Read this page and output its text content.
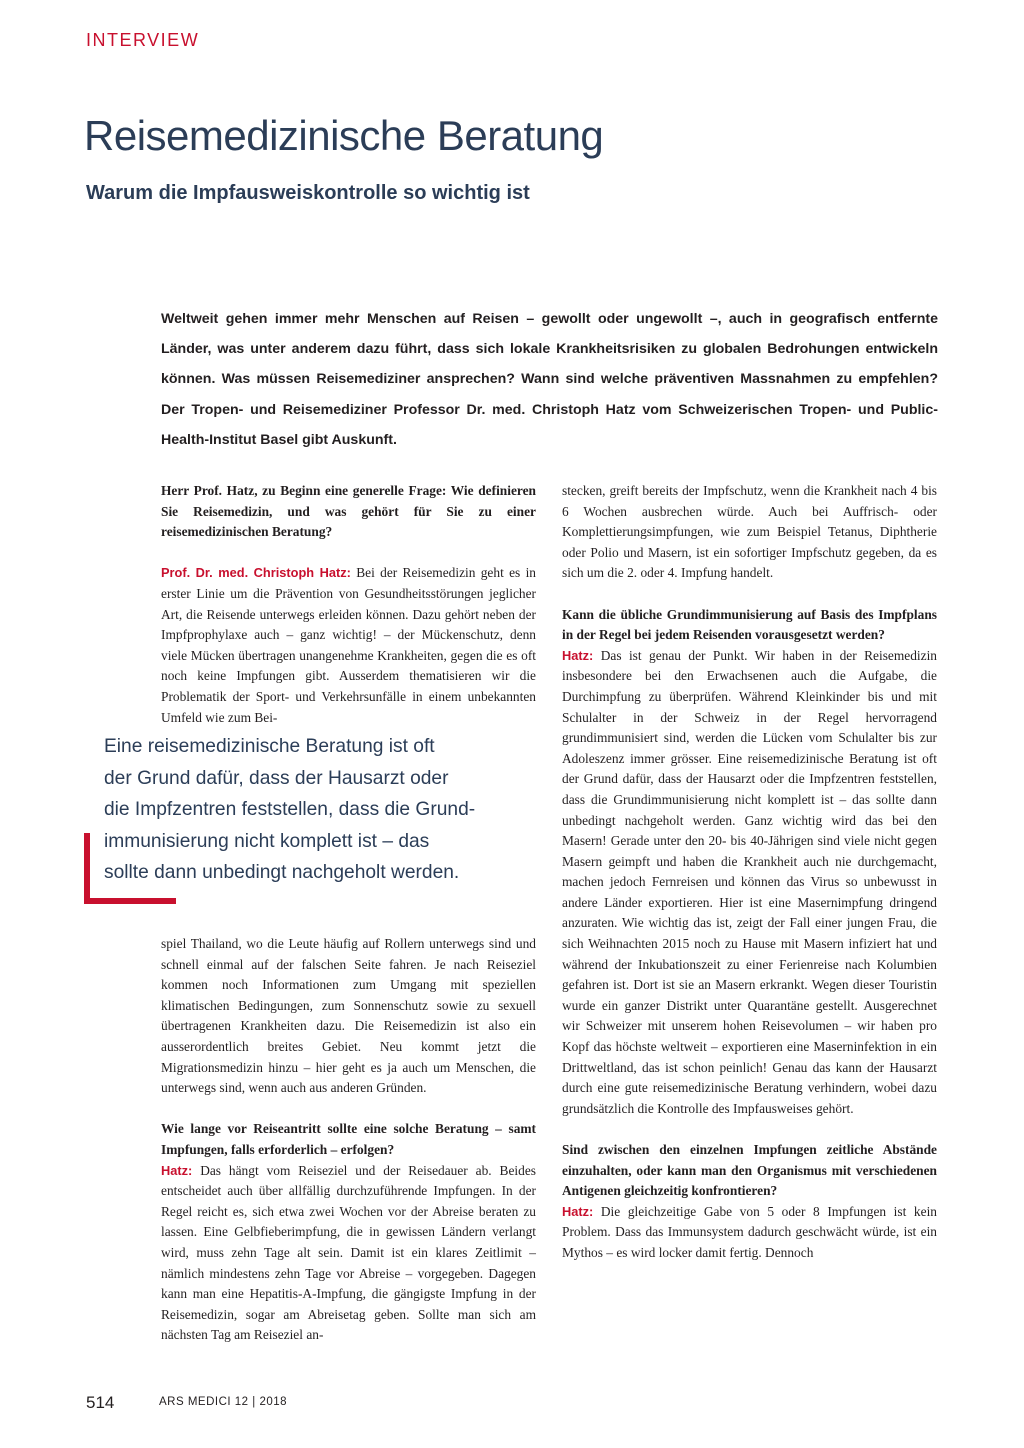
INTERVIEW
Reisemedizinische Beratung
Warum die Impfausweiskontrolle so wichtig ist

Weltweit gehen immer mehr Menschen auf Reisen – gewollt oder ungewollt –, auch in geografisch entfernte Länder, was unter anderem dazu führt, dass sich lokale Krankheitsrisiken zu globalen Bedrohungen entwickeln können. Was müssen Reisemediziner ansprechen? Wann sind welche präventiven Massnahmen zu empfehlen? Der Tropen- und Reisemediziner Professor Dr. med. Christoph Hatz vom Schweizerischen Tropen- und Public-Health-Institut Basel gibt Auskunft.

Herr Prof. Hatz, zu Beginn eine generelle Frage: Wie definieren Sie Reisemedizin, und was gehört für Sie zu einer reisemedizinischen Beratung?

Prof. Dr. med. Christoph Hatz: Bei der Reisemedizin geht es in erster Linie um die Prävention von Gesundheitsstörungen jeglicher Art, die Reisende unterwegs erleiden können. Dazu gehört neben der Impfprophylaxe auch – ganz wichtig! – der Mückenschutz, denn viele Mücken übertragen unangenehme Krankheiten, gegen die es oft noch keine Impfungen gibt. Ausserdem thematisieren wir die Problematik der Sport- und Verkehrsunfälle in einem unbekannten Umfeld wie zum Bei-

Eine reisemedizinische Beratung ist oft
der Grund dafür, dass der Hausarzt oder
die Impfzentren feststellen, dass die Grund-
immunisierung nicht komplett ist – das
sollte dann unbedingt nachgeholt werden.

spiel Thailand, wo die Leute häufig auf Rollern unterwegs sind und schnell einmal auf der falschen Seite fahren. Je nach Reiseziel kommen noch Informationen zum Umgang mit speziellen klimatischen Bedingungen, zum Sonnenschutz sowie zu sexuell übertragenen Krankheiten dazu. Die Reisemedizin ist also ein ausserordentlich breites Gebiet. Neu kommt jetzt die Migrationsmedizin hinzu – hier geht es ja auch um Menschen, die unterwegs sind, wenn auch aus anderen Gründen.

Wie lange vor Reiseantritt sollte eine solche Beratung – samt Impfungen, falls erforderlich – erfolgen?

Hatz: Das hängt vom Reiseziel und der Reisedauer ab. Beides entscheidet auch über allfällig durchzuführende Impfungen. In der Regel reicht es, sich etwa zwei Wochen vor der Abreise beraten zu lassen. Eine Gelbfieberimpfung, die in gewissen Ländern verlangt wird, muss zehn Tage alt sein. Damit ist ein klares Zeitlimit – nämlich mindestens zehn Tage vor Abreise – vorgegeben. Dagegen kann man eine Hepatitis-A-Impfung, die gängigste Impfung in der Reisemedizin, sogar am Abreisetag geben. Sollte man sich am nächsten Tag am Reiseziel an-

stecken, greift bereits der Impfschutz, wenn die Krankheit nach 4 bis 6 Wochen ausbrechen würde. Auch bei Auffrisch- oder Komplettierungsimpfungen, wie zum Beispiel Tetanus, Diphtherie oder Polio und Masern, ist ein sofortiger Impfschutz gegeben, da es sich um die 2. oder 4. Impfung handelt.

Kann die übliche Grundimmunisierung auf Basis des Impfplans in der Regel bei jedem Reisenden vorausgesetzt werden?

Hatz: Das ist genau der Punkt. Wir haben in der Reisemedizin insbesondere bei den Erwachsenen auch die Aufgabe, die Durchimpfung zu überprüfen. Während Kleinkinder bis und mit Schulalter in der Schweiz in der Regel hervorragend grundimmunisiert sind, werden die Lücken vom Schulalter bis zur Adoleszenz immer grösser. Eine reisemedizinische Beratung ist oft der Grund dafür, dass der Hausarzt oder die Impfzentren feststellen, dass die Grundimmunisierung nicht komplett ist – das sollte dann unbedingt nachgeholt werden. Ganz wichtig wird das bei den Masern! Gerade unter den 20- bis 40-Jährigen sind viele nicht gegen Masern geimpft und haben die Krankheit auch nie durchgemacht, machen jedoch Fernreisen und können das Virus so unbewusst in andere Länder exportieren. Hier ist eine Masernimpfung dringend anzuraten. Wie wichtig das ist, zeigt der Fall einer jungen Frau, die sich Weihnachten 2015 noch zu Hause mit Masern infiziert hat und während der Inkubationszeit zu einer Ferienreise nach Kolumbien gefahren ist. Dort ist sie an Masern erkrankt. Wegen dieser Touristin wurde ein ganzer Distrikt unter Quarantäne gestellt. Ausgerechnet wir Schweizer mit unserem hohen Reisevolumen – wir haben pro Kopf das höchste weltweit – exportieren eine Maserninfektion in ein Drittweltland, das ist schon peinlich! Genau das kann der Hausarzt durch eine gute reisemedizinische Beratung verhindern, wobei dazu grundsätzlich die Kontrolle des Impfausweises gehört.

Sind zwischen den einzelnen Impfungen zeitliche Abstände einzuhalten, oder kann man den Organismus mit verschiedenen Antigenen gleichzeitig konfrontieren?

Hatz: Die gleichzeitige Gabe von 5 oder 8 Impfungen ist kein Problem. Dass das Immunsystem dadurch geschwächt würde, ist ein Mythos – es wird locker damit fertig. Dennoch

514	ARS MEDICI 12 | 2018
